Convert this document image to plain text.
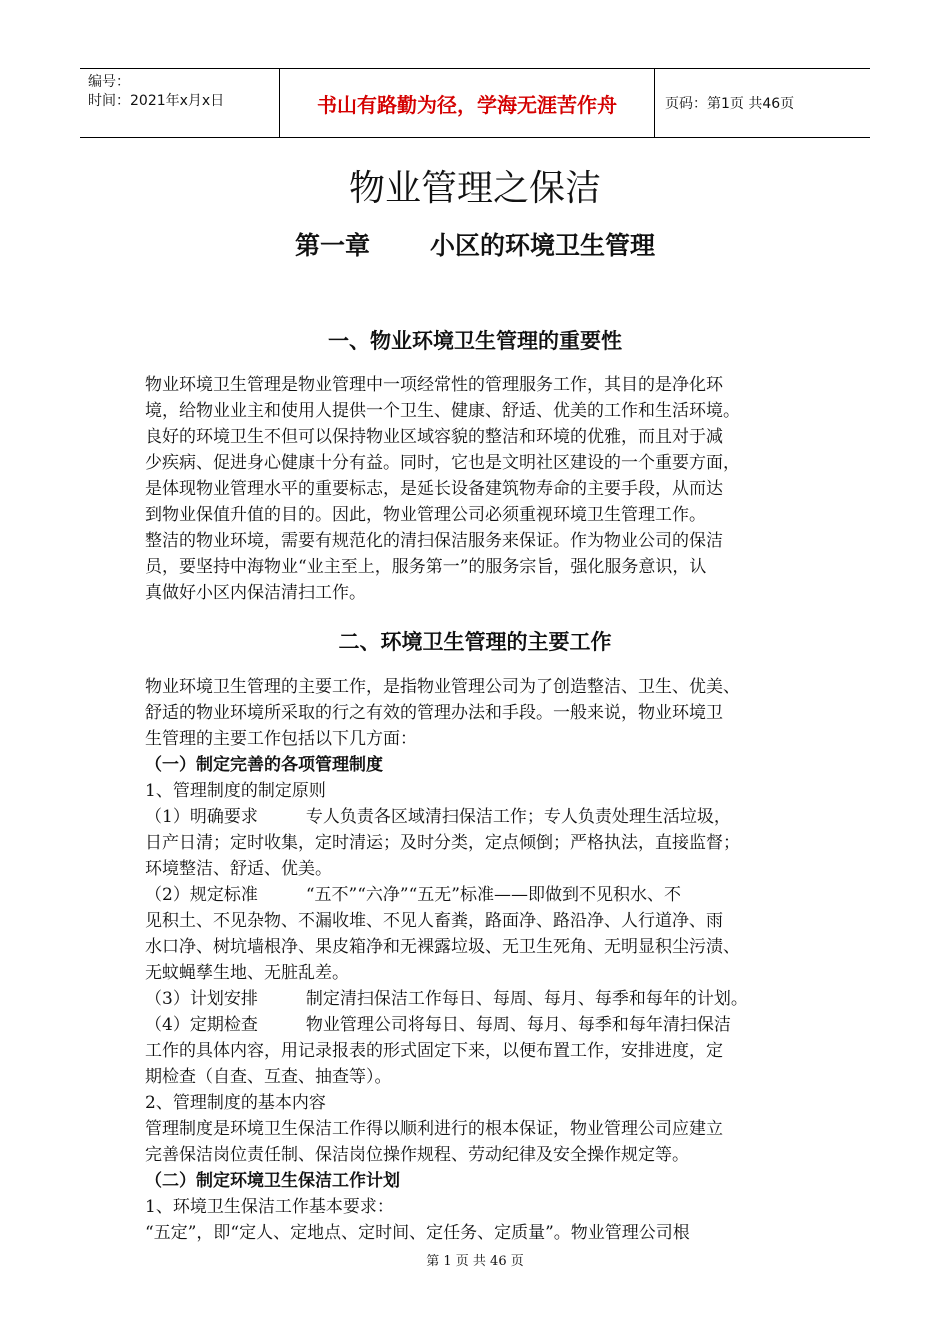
编号：
时间：2021年x月x日	书山有路勤为径，学海无涯苦作舟	页码：第1页 共46页
物业管理之保洁
第一章 小区的环境卫生管理
一、物业环境卫生管理的重要性
物业环境卫生管理是物业管理中一项经常性的管理服务工作，其目的是净化环
境，给物业业主和使用人提供一个卫生、健康、舒适、优美的工作和生活环境。
良好的环境卫生不但可以保持物业区域容貌的整洁和环境的优雅，而且对于减
少疾病、促进身心健康十分有益。同时，它也是文明社区建设的一个重要方面，
是体现物业管理水平的重要标志，是延长设备建筑物寿命的主要手段，从而达
到物业保值升值的目的。因此，物业管理公司必须重视环境卫生管理工作。
整洁的物业环境，需要有规范化的清扫保洁服务来保证。作为物业公司的保洁
员，要坚持中海物业“业主至上，服务第一”的服务宗旨，强化服务意识，认
真做好小区内保洁清扫工作。
二、环境卫生管理的主要工作
物业环境卫生管理的主要工作，是指物业管理公司为了创造整洁、卫生、优美、
舒适的物业环境所采取的行之有效的管理办法和手段。一般来说，物业环境卫
生管理的主要工作包括以下几方面：
（一）制定完善的各项管理制度
1、管理制度的制定原则
（1）明确要求	专人负责各区域清扫保洁工作；专人负责处理生活垃圾，
日产日清；定时收集，定时清运；及时分类，定点倾倒；严格执法，直接监督；
环境整洁、舒适、优美。
（2）规定标准	“五不”“六净”“五无”标准——即做到不见积水、不
见积土、不见杂物、不漏收堆、不见人畜粪，路面净、路沿净、人行道净、雨
水口净、树坑墙根净、果皮箱净和无裸露垃圾、无卫生死角、无明显积尘污渍、
无蚊蝇孳生地、无脏乱差。
（3）计划安排	制定清扫保洁工作每日、每周、每月、每季和每年的计划。
（4）定期检查	物业管理公司将每日、每周、每月、每季和每年清扫保洁
工作的具体内容，用记录报表的形式固定下来，以便布置工作，安排进度，定
期检查（自查、互查、抽查等）。
2、管理制度的基本内容
管理制度是环境卫生保洁工作得以顺利进行的根本保证，物业管理公司应建立
完善保洁岗位责任制、保洁岗位操作规程、劳动纪律及安全操作规定等。
（二）制定环境卫生保洁工作计划
1、环境卫生保洁工作基本要求：
“五定”，即“定人、定地点、定时间、定任务、定质量”。物业管理公司根
第 1 页 共 46 页
